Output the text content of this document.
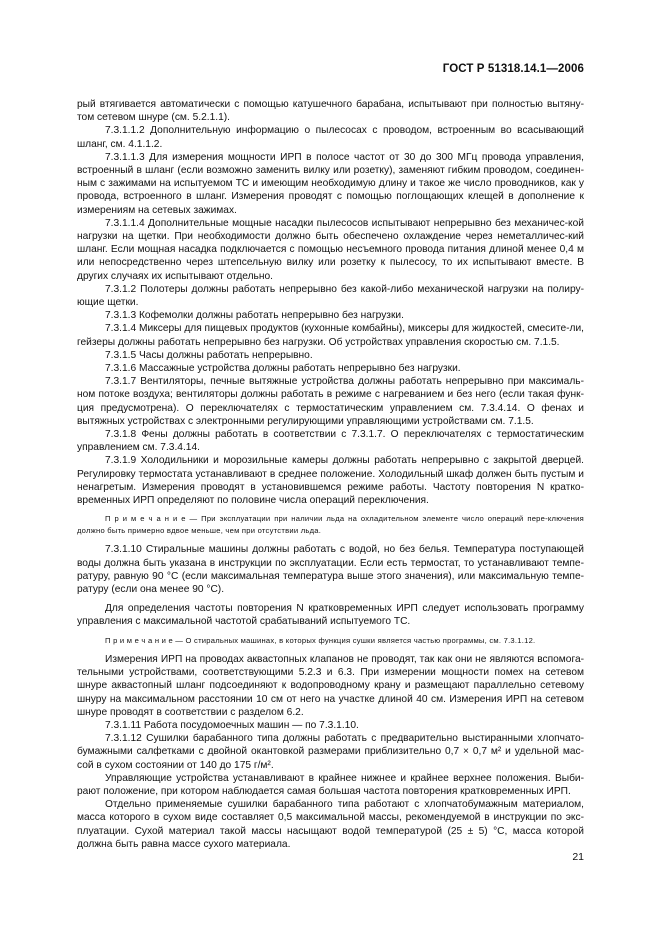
ГОСТ Р 51318.14.1—2006

рый втягивается автоматически с помощью катушечного барабана, испытывают при полностью вытяну-том сетевом шнуре (см. 5.2.1.1).

7.3.1.1.2 Дополнительную информацию о пылесосах с проводом, встроенным во всасывающий шланг, см. 4.1.1.2.

7.3.1.1.3 Для измерения мощности ИРП в полосе частот от 30 до 300 МГц провода управления, встроенный в шланг (если возможно заменить вилку или розетку), заменяют гибким проводом, соединен-ным с зажимами на испытуемом ТС и имеющим необходимую длину и такое же число проводников, как у провода, встроенного в шланг. Измерения проводят с помощью поглощающих клещей в дополнение к измерениям на сетевых зажимах.

7.3.1.1.4 Дополнительные мощные насадки пылесосов испытывают непрерывно без механичес-кой нагрузки на щетки. При необходимости должно быть обеспечено охлаждение через неметалличес-кий шланг. Если мощная насадка подключается с помощью несъемного провода питания длиной менее 0,4 м или непосредственно через штепсельную вилку или розетку к пылесосу, то их испытывают вместе. В других случаях их испытывают отдельно.

7.3.1.2 Полотеры должны работать непрерывно без какой-либо механической нагрузки на полиру-ющие щетки.

7.3.1.3 Кофемолки должны работать непрерывно без нагрузки.

7.3.1.4 Миксеры для пищевых продуктов (кухонные комбайны), миксеры для жидкостей, смесите-ли, гейзеры должны работать непрерывно без нагрузки. Об устройствах управления скоростью см. 7.1.5.

7.3.1.5 Часы должны работать непрерывно.

7.3.1.6 Массажные устройства должны работать непрерывно без нагрузки.

7.3.1.7 Вентиляторы, печные вытяжные устройства должны работать непрерывно при максималь-ном потоке воздуха; вентиляторы должны работать в режиме с нагреванием и без него (если такая функ-ция предусмотрена). О переключателях с термостатическим управлением см. 7.3.4.14. О фенах и вытяжных устройствах с электронными регулирующими управляющими устройствами см. 7.1.5.

7.3.1.8 Фены должны работать в соответствии с 7.3.1.7. О переключателях с термостатическим управлением см. 7.3.4.14.

7.3.1.9 Холодильники и морозильные камеры должны работать непрерывно с закрытой дверцей. Регулировку термостата устанавливают в среднее положение. Холодильный шкаф должен быть пустым и ненагретым. Измерения проводят в установившемся режиме работы. Частоту повторения N кратко-временных ИРП определяют по половине числа операций переключения.

П р и м е ч а н и е — При эксплуатации при наличии льда на охладительном элементе число операций пере-ключения должно быть примерно вдвое меньше, чем при отсутствии льда.

7.3.1.10 Стиральные машины должны работать с водой, но без белья. Температура поступающей воды должна быть указана в инструкции по эксплуатации. Если есть термостат, то устанавливают темпе-ратуру, равную 90 °С (если максимальная температура выше этого значения), или максимальную темпе-ратуру (если она менее 90 °С).

Для определения частоты повторения N кратковременных ИРП следует использовать программу управления с максимальной частотой срабатываний испытуемого ТС.

П р и м е ч а н и е — О стиральных машинах, в которых функция сушки является частью программы, см. 7.3.1.12.

Измерения ИРП на проводах аквастопных клапанов не проводят, так как они не являются вспомога-тельными устройствами, соответствующими 5.2.3 и 6.3. При измерении мощности помех на сетевом шнуре аквастопный шланг подсоединяют к водопроводному крану и размещают параллельно сетевому шнуру на максимальном расстоянии 10 см от него на участке длиной 40 см. Измерения ИРП на сетевом шнуре проводят в соответствии с разделом 6.2.

7.3.1.11 Работа посудомоечных машин — по 7.3.1.10.

7.3.1.12 Сушилки барабанного типа должны работать с предварительно выстиранными хлопчато-бумажными салфетками с двойной окантовкой размерами приблизительно 0,7 × 0,7 м² и удельной мас-сой в сухом состоянии от 140 до 175 г/м².

Управляющие устройства устанавливают в крайнее нижнее и крайнее верхнее положения. Выби-рают положение, при котором наблюдается самая большая частота повторения кратковременных ИРП.

Отдельно применяемые сушилки барабанного типа работают с хлопчатобумажным материалом, масса которого в сухом виде составляет 0,5 максимальной массы, рекомендуемой в инструкции по экс-плуатации. Сухой материал такой массы насыщают водой температурой (25 ± 5) °С, масса которой должна быть равна массе сухого материала.

21
